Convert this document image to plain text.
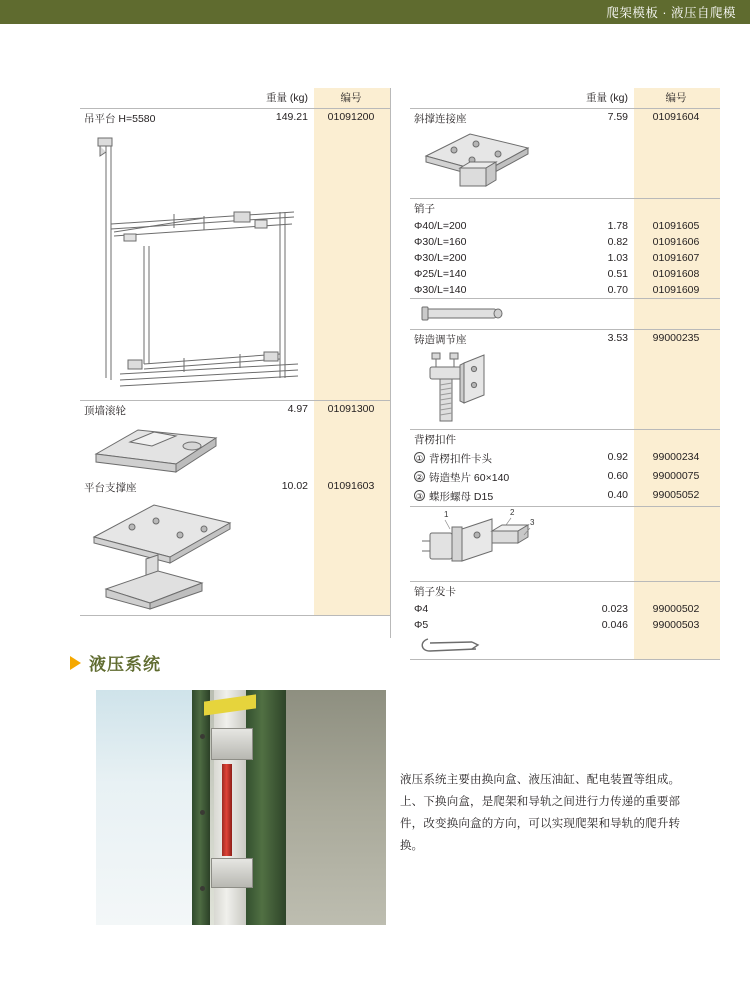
爬架模板 · 液压自爬模
	重量 (kg)	编号
吊平台 H=5580	149.21	01091200

顶墙滚轮	4.97	01091300

平台支撑座	10.02	01091603

	重量 (kg)	编号
斜撑连接座	7.59	01091604

销子		
Φ40/L=200	1.78	01091605
Φ30/L=160	0.82	01091606
Φ30/L=200	1.03	01091607
Φ25/L=140	0.51	01091608
Φ30/L=140	0.70	01091609

铸造调节座	3.53	99000235

背楞扣件		
① 背楞扣件卡头	0.92	99000234
② 铸造垫片 60×140	0.60	99000075
③ 蝶形螺母 D15	0.40	99005052

1 2
3		

销子发卡		
Φ4	0.023	99000502
Φ5	0.046	99000503

液压系统

液压系统主要由换向盒、液压油缸、配电装置等组成。上、下换向盒，是爬架和导轨之间进行力传递的重要部件，改变换向盒的方向，可以实现爬架和导轨的爬升转换。
